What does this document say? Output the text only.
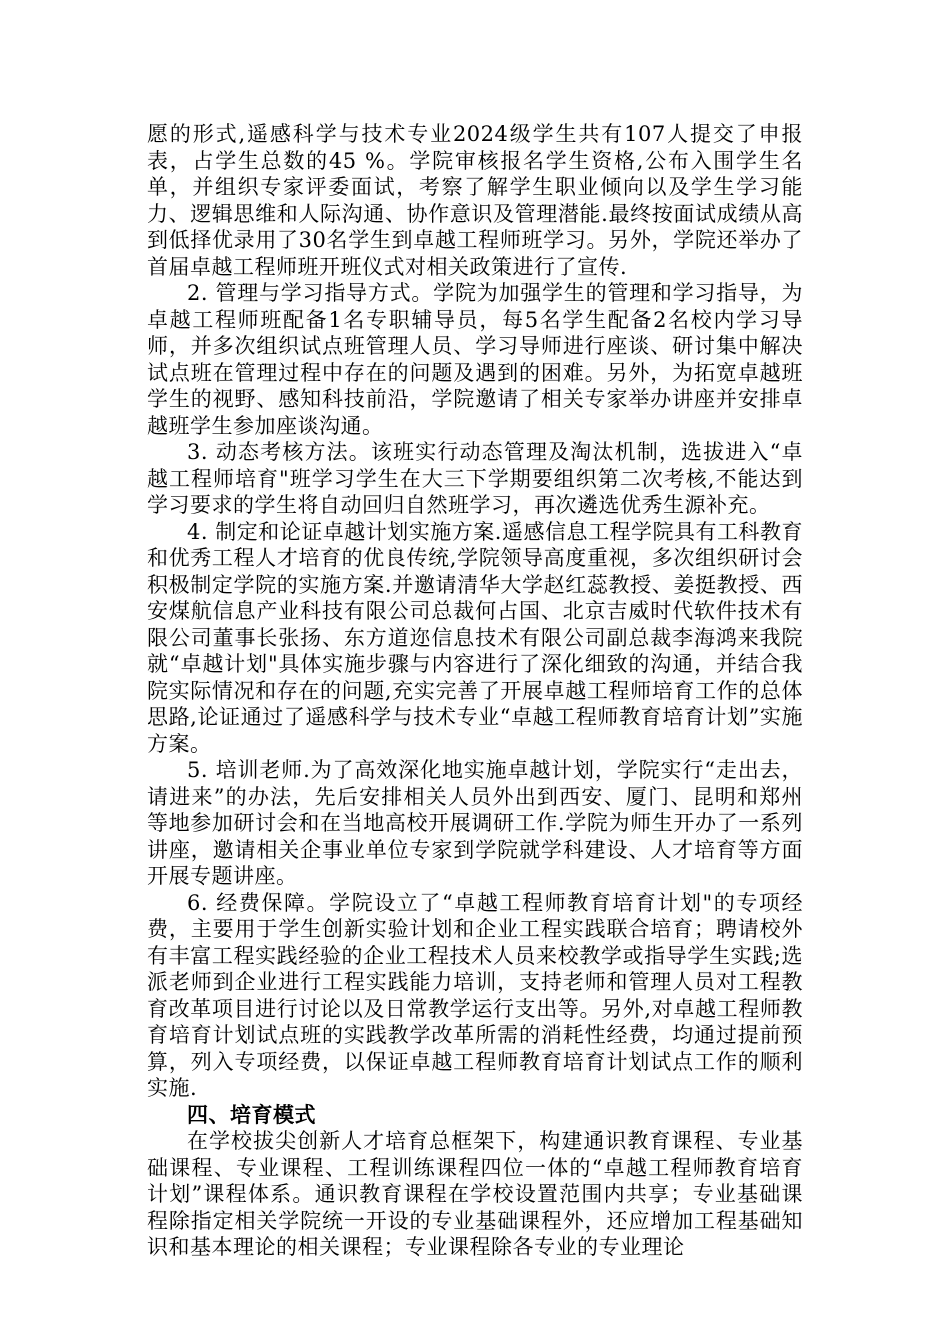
愿的形式,遥感科学与技术专业2024级学生共有107人提交了申报表，占学生总数的45 %。学院审核报名学生资格,公布入围学生名单，并组织专家评委面试，考察了解学生职业倾向以及学生学习能力、逻辑思维和人际沟通、协作意识及管理潜能.最终按面试成绩从高到低择优录用了30名学生到卓越工程师班学习。另外，学院还举办了首届卓越工程师班开班仪式对相关政策进行了宣传.

2. 管理与学习指导方式。学院为加强学生的管理和学习指导，为卓越工程师班配备1名专职辅导员，每5名学生配备2名校内学习导师，并多次组织试点班管理人员、学习导师进行座谈、研讨集中解决试点班在管理过程中存在的问题及遇到的困难。另外，为拓宽卓越班学生的视野、感知科技前沿，学院邀请了相关专家举办讲座并安排卓越班学生参加座谈沟通。

3. 动态考核方法。该班实行动态管理及淘汰机制，选拔进入“卓越工程师培育"班学习学生在大三下学期要组织第二次考核,不能达到学习要求的学生将自动回归自然班学习，再次遴选优秀生源补充。

4. 制定和论证卓越计划实施方案.遥感信息工程学院具有工科教育和优秀工程人才培育的优良传统,学院领导高度重视，多次组织研讨会积极制定学院的实施方案.并邀请清华大学赵红蕊教授、姜挺教授、西安煤航信息产业科技有限公司总裁何占国、北京吉威时代软件技术有限公司董事长张扬、东方道迩信息技术有限公司副总裁李海鸿来我院就“卓越计划"具体实施步骤与内容进行了深化细致的沟通，并结合我院实际情况和存在的问题,充实完善了开展卓越工程师培育工作的总体思路,论证通过了遥感科学与技术专业“卓越工程师教育培育计划”实施方案。

5. 培训老师.为了高效深化地实施卓越计划，学院实行“走出去，请进来”的办法，先后安排相关人员外出到西安、厦门、昆明和郑州等地参加研讨会和在当地高校开展调研工作.学院为师生开办了一系列讲座，邀请相关企事业单位专家到学院就学科建设、人才培育等方面开展专题讲座。

6. 经费保障。学院设立了“卓越工程师教育培育计划"的专项经费，主要用于学生创新实验计划和企业工程实践联合培育；聘请校外有丰富工程实践经验的企业工程技术人员来校教学或指导学生实践;选派老师到企业进行工程实践能力培训，支持老师和管理人员对工程教育改革项目进行讨论以及日常教学运行支出等。另外,对卓越工程师教育培育计划试点班的实践教学改革所需的消耗性经费，均通过提前预算，列入专项经费，以保证卓越工程师教育培育计划试点工作的顺利实施.

四、培育模式

在学校拔尖创新人才培育总框架下，构建通识教育课程、专业基础课程、专业课程、工程训练课程四位一体的“卓越工程师教育培育计划”课程体系。通识教育课程在学校设置范围内共享；专业基础课程除指定相关学院统一开设的专业基础课程外，还应增加工程基础知识和基本理论的相关课程；专业课程除各专业的专业理论
